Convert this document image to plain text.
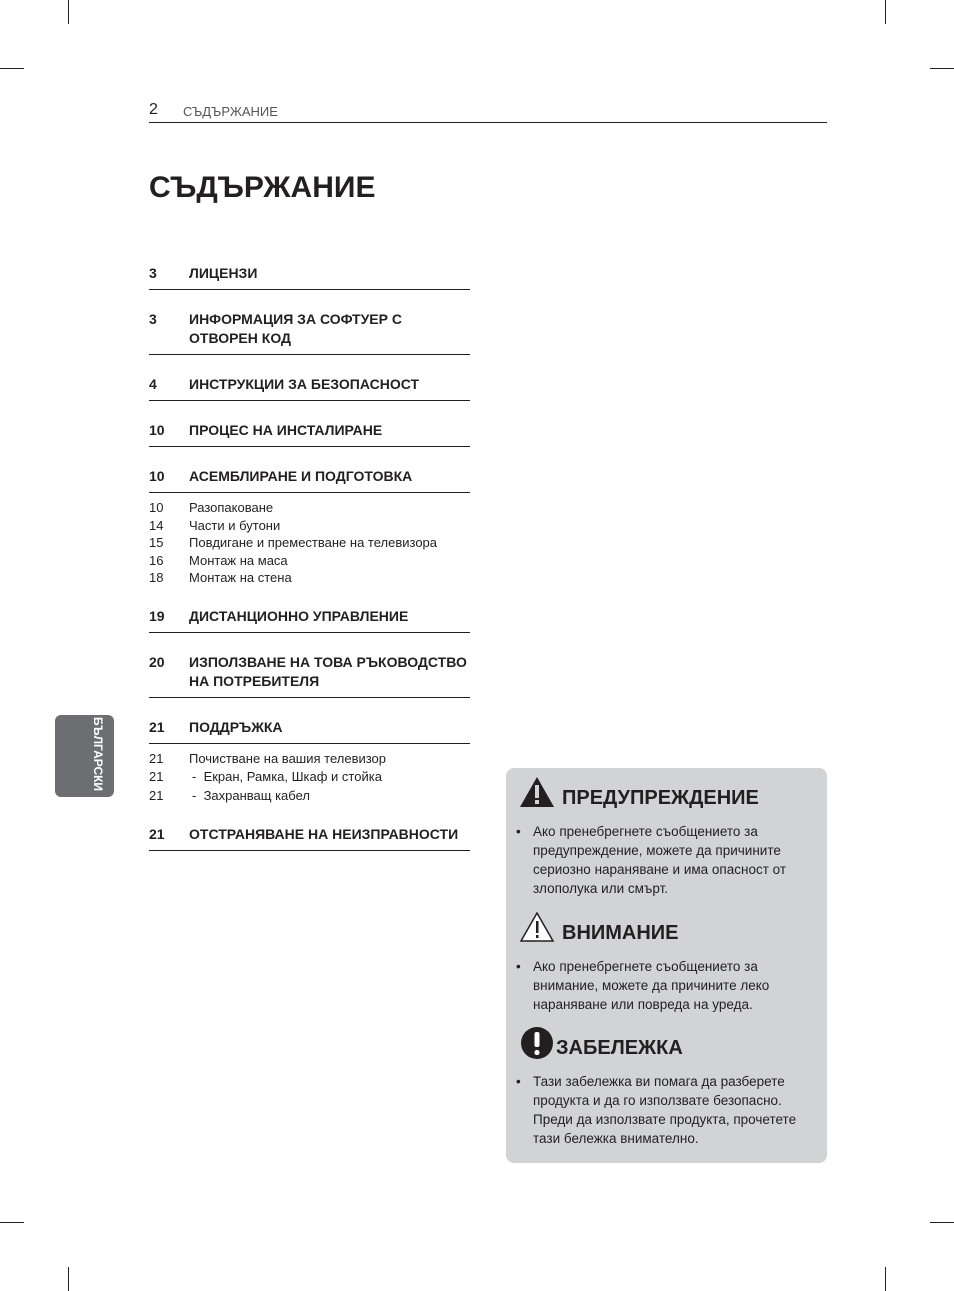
2 СЪДЪРЖАНИЕ
СЪДЪРЖАНИЕ
3	ЛИЦЕНЗИ
3	ИНФОРМАЦИЯ ЗА СОФТУЕР С ОТВОРЕН КОД
4	ИНСТРУКЦИИ ЗА БЕЗОПАСНОСТ
10	ПРОЦЕС НА ИНСТАЛИРАНЕ
10	АСЕМБЛИРАНЕ И ПОДГОТОВКА
10	Разопаковане
14	Части и бутони
15	Повдигане и преместване на телевизора
16	Монтаж на маса
18	Монтаж на стена
19	ДИСТАНЦИОННО УПРАВЛЕНИЕ
20	ИЗПОЛЗВАНЕ НА ТОВА РЪКОВОДСТВО НА ПОТРЕБИТЕЛЯ
21	ПОДДРЪЖКА
21	Почистване на вашия телевизор
21	- Екран, Рамка, Шкаф и стойка
21	- Захранващ кабел
21	ОТСТРАНЯВАНЕ НА НЕИЗПРАВНОСТИ
БЪЛГАРСКИ
ПРЕДУПРЕЖДЕНИЕ
• Ако пренебрегнете съобщението за предупреждение, можете да причините сериозно нараняване и има опасност от злополука или смърт.
ВНИМАНИЕ
• Ако пренебрегнете съобщението за внимание, можете да причините леко нараняване или повреда на уреда.
ЗАБЕЛЕЖКА
• Тази забележка ви помага да разберете продукта и да го използвате безопасно. Преди да използвате продукта, прочетете тази бележка внимателно.
